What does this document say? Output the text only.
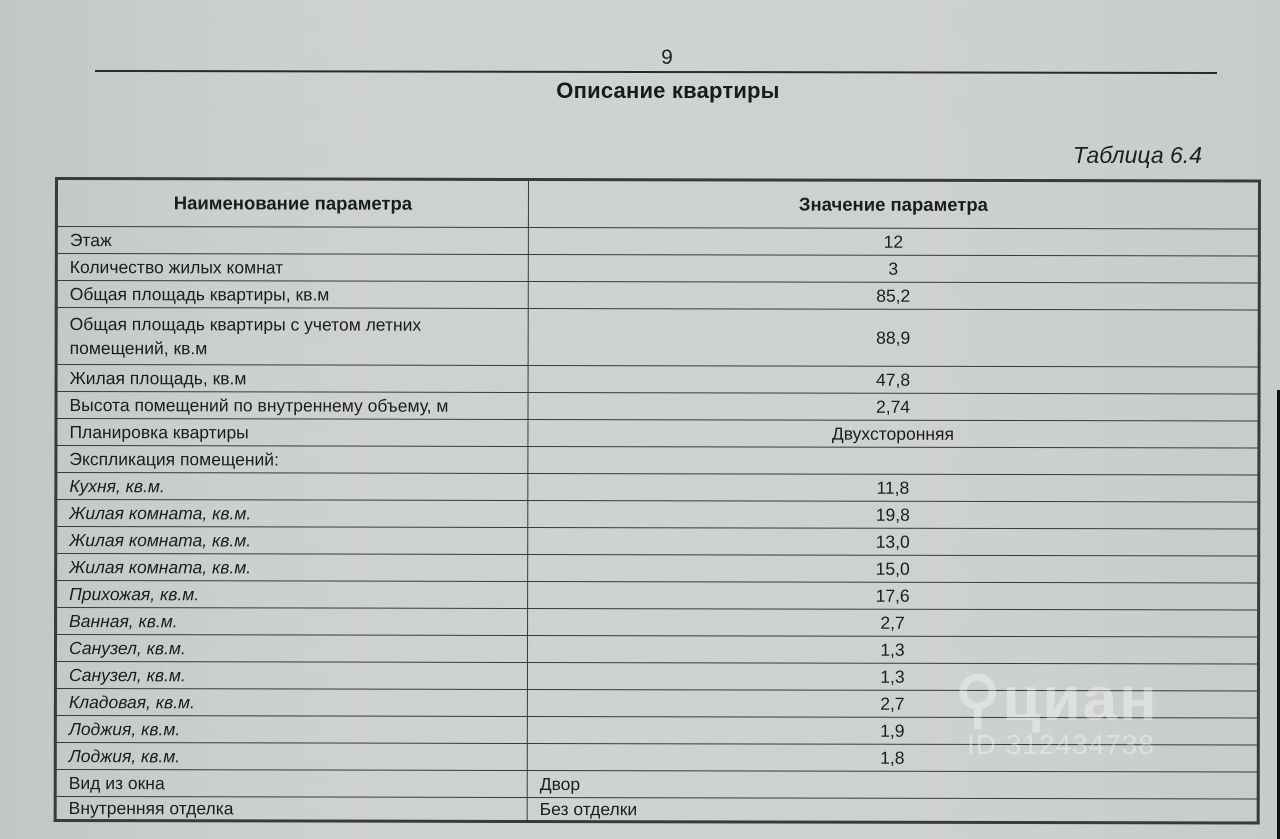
9
Описание квартиры
Таблица 6.4
Наименование параметра	Значение параметра
Этаж	12
Количество жилых комнат	3
Общая площадь квартиры, кв.м	85,2
Общая площадь квартиры с учетом летних помещений, кв.м	88,9
Жилая площадь, кв.м	47,8
Высота помещений по внутреннему объему, м	2,74
Планировка квартиры	Двухсторонняя
Экспликация помещений:	
Кухня, кв.м.	11,8
Жилая комната, кв.м.	19,8
Жилая комната, кв.м.	13,0
Жилая комната, кв.м.	15,0
Прихожая, кв.м.	17,6
Ванная, кв.м.	2,7
Санузел, кв.м.	1,3
Санузел, кв.м.	1,3
Кладовая, кв.м.	2,7
Лоджия, кв.м.	1,9
Лоджия, кв.м.	1,8
Вид из окна	Двор
Внутренняя отделка	Без отделки
⚲циан
ID 312434738
